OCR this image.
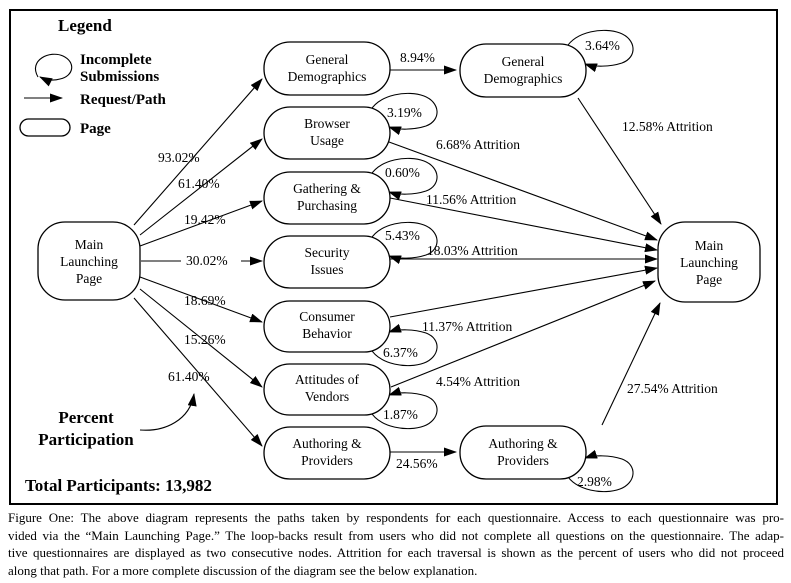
Legend
Incomplete
Submissions
Request/Path
Page
Main
Launching
Page
General
Demographics
Browser
Usage
Gathering &
Purchasing
Security
Issues
Consumer
Behavior
Attitudes of
Vendors
Authoring &
Providers
General
Demographics
Authoring &
Providers
Main
Launching
Page
93.02%
61.40%
19.42%
30.02%
18.69%
15.26%
61.40%
8.94%
24.56%
3.19%
0.60%
5.43%
6.37%
1.87%
3.64%
2.98%
12.58% Attrition
6.68% Attrition
11.56% Attrition
18.03% Attrition
11.37% Attrition
4.54% Attrition	27.54% Attrition
Percent
Participation
Total Participants: 13,982
Figure One: The above diagram represents the paths taken by respondents for each questionnaire. Access to each questionnaire was pro-
vided via the “Main Launching Page.” The loop-backs result from users who did not complete all questions on the questionnaire. The adap-
tive questionnaires are displayed as two consecutive nodes. Attrition for each traversal is shown as the percent of users who did not proceed
along that path. For a more complete discussion of the diagram see the below explanation.
